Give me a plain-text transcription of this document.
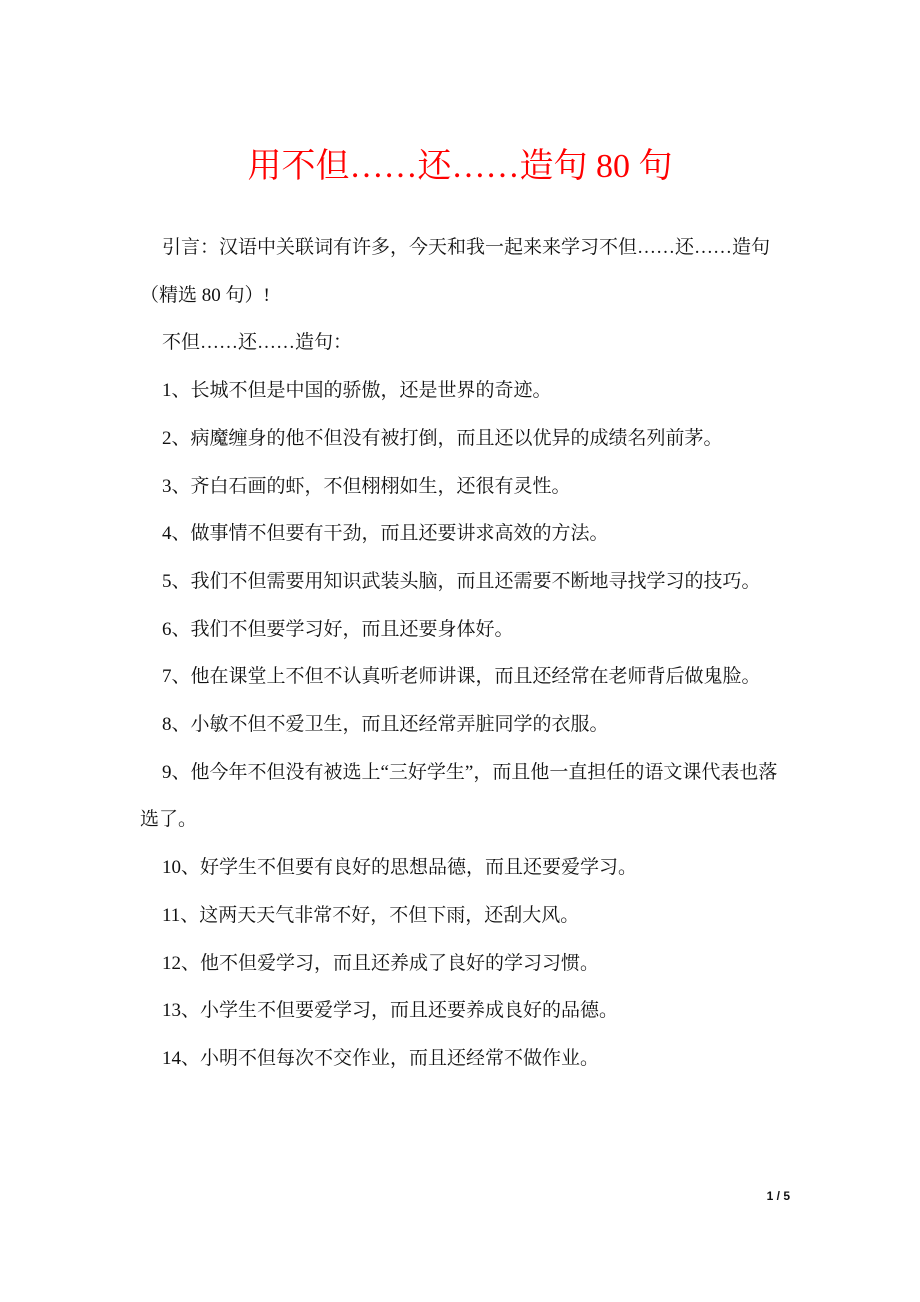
用不但……还……造句 80 句

引言：汉语中关联词有许多，今天和我一起来来学习不但……还……造句（精选 80 句）!

不但……还……造句：

1、长城不但是中国的骄傲，还是世界的奇迹。

2、病魔缠身的他不但没有被打倒，而且还以优异的成绩名列前茅。

3、齐白石画的虾，不但栩栩如生，还很有灵性。

4、做事情不但要有干劲，而且还要讲求高效的方法。

5、我们不但需要用知识武装头脑，而且还需要不断地寻找学习的技巧。

6、我们不但要学习好，而且还要身体好。

7、他在课堂上不但不认真听老师讲课，而且还经常在老师背后做鬼脸。

8、小敏不但不爱卫生，而且还经常弄脏同学的衣服。

9、他今年不但没有被选上“三好学生”，而且他一直担任的语文课代表也落选了。

10、好学生不但要有良好的思想品德，而且还要爱学习。

11、这两天天气非常不好，不但下雨，还刮大风。

12、他不但爱学习，而且还养成了良好的学习习惯。

13、小学生不但要爱学习，而且还要养成良好的品德。

14、小明不但每次不交作业，而且还经常不做作业。

1 / 5
